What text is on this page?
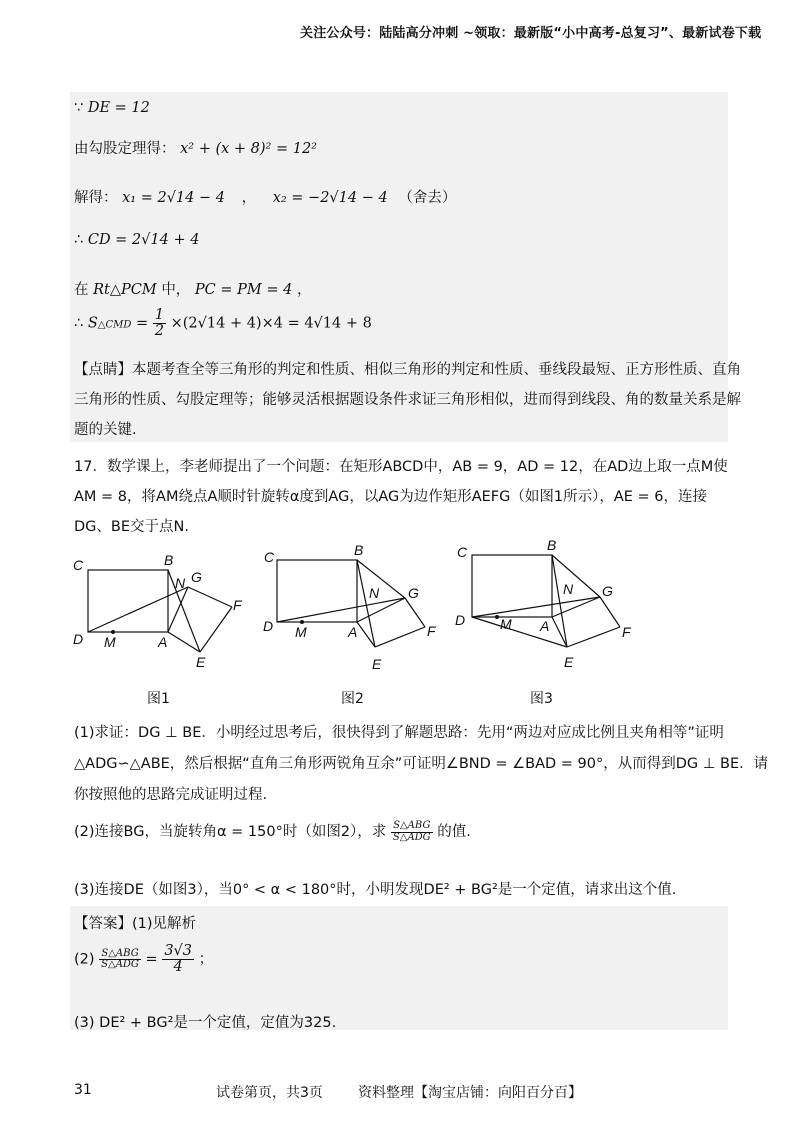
关注公众号：陆陆高分冲刺 ~领取：最新版“小中高考-总复习”、最新试卷下载
∵ DE = 12
由勾股定理得： x² + (x + 8)² = 12²
解得： x₁ = 2√14 − 4 ， x₂ = −2√14 − 4 （舍去）
∴ CD = 2√14 + 4
在 Rt△PCM 中， PC = PM = 4 ，
∴ S△CMD = $\frac{1}{2} \times(2√14 + 4)\times 4 = 4√14 + 8$
【点睛】本题考查全等三角形的判定和性质、相似三角形的判定和性质、垂线段最短、正方形性质、直角
三角形的性质、勾股定理等；能够灵活根据题设条件求证三角形相似，进而得到线段、角的数量关系是解
题的关键.
17．数学课上，李老师提出了一个问题：在矩形ABCD中，AB = 9，AD = 12，在AD边上取一点M使
AM = 8，将AM绕点A顺时针旋转α度到AG，以AG为边作矩形AEFG（如图1所示），AE = 6，连接
DG、BE交于点N.
C	B
N G
F
D M	A
E
图1
C	B
N G
F
D M	A
E
图2
C	B
N G
F
D M A
E
图3
(1)求证：DG ⊥ BE．小明经过思考后，很快得到了解题思路：先用“两边对应成比例且夹角相等”证明
△ADG∽△ABE，然后根据“直角三角形两锐角互余”可证明∠BND = ∠BAD = 90°，从而得到DG ⊥ BE．请
你按照他的思路完成证明过程.
(2)连接BG，当旋转角α = 150°时（如图2），求 $\frac{\text{S△ABG}}{\text{S△ADG}}$ 的值.
(3)连接DE（如图3），当0° < α < 180°时，小明发现DE² + BG²是一个定值，请求出这个值.
【答案】(1)见解析
$(2) \frac{\text{S△ABG}}{\text{S△ADG}} = \frac{3√3}{4}$ ；
(3) DE² + BG²是一个定值，定值为325.
31	试卷第页，共3页	资料整理【淘宝店铺：向阳百分百】
